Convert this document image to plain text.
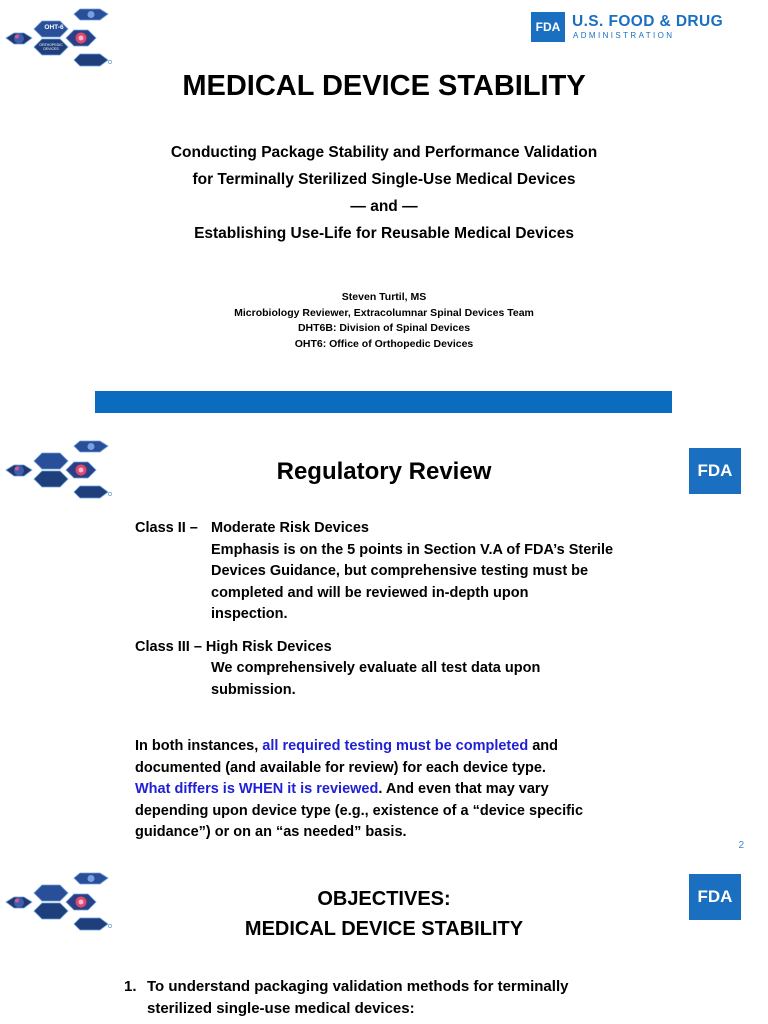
OHT-6
ORTHOPEDIC DEVICES
FDA U.S. FOOD & DRUG
ADMINISTRATION
MEDICAL DEVICE STABILITY
Conducting Package Stability and Performance Validation
for Terminally Sterilized Single-Use Medical Devices
— and —
Establishing Use-Life for Reusable Medical Devices
Steven Turtil, MS
Microbiology Reviewer, Extracolumnar Spinal Devices Team
DHT6B: Division of Spinal Devices
OHT6: Office of Orthopedic Devices
FDA
Regulatory Review
Class II – Moderate Risk Devices
Emphasis is on the 5 points in Section V.A of FDA’s Sterile
Devices Guidance, but comprehensive testing must be
completed and will be reviewed in-depth upon
inspection.
Class III – High Risk Devices
We comprehensively evaluate all test data upon
submission.
In both instances, all required testing must be completed and
documented (and available for review) for each device type.
What differs is WHEN it is reviewed. And even that may vary
depending upon device type (e.g., existence of a “device specific
guidance”) or on an “as needed” basis.
2
FDA
OBJECTIVES:
MEDICAL DEVICE STABILITY
1. To understand packaging validation methods for terminally
sterilized single-use medical devices:
